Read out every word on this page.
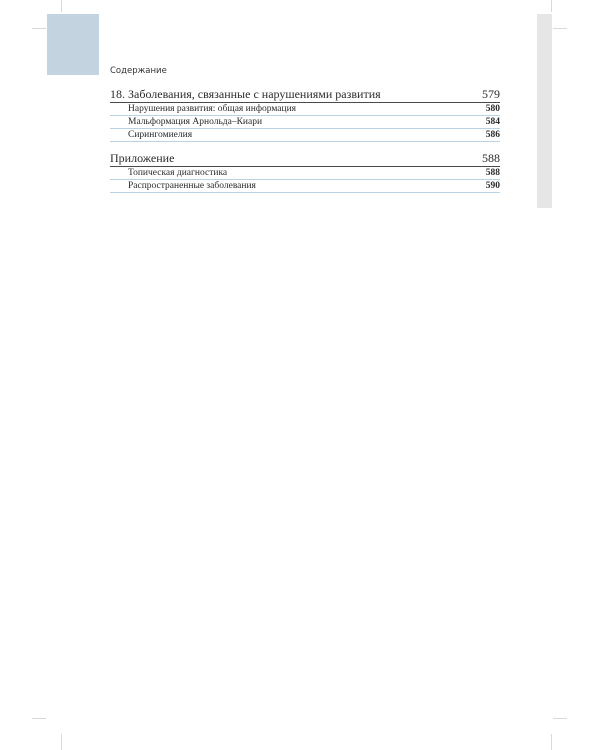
Содержание
18. Заболевания, связанные с нарушениями развития	579
Нарушения развития: общая информация	580
Мальформация Арнольда–Киари	584
Сирингомиелия	586
Приложение	588
Топическая диагностика	588
Распространенные заболевания	590
